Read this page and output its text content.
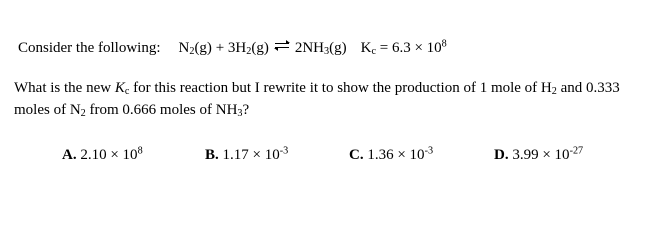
Consider the following: $N_2(g) + 3H_2(g)$ ⇌ $2NH_3(g) K_c = 6.3 \times 10^8$
What is the new $K_c$ for this reaction but I rewrite it to show the production of 1 mole of $H_2$ and 0.333
moles of $N_2$ from 0.666 moles of $NH_3$?
A. $2.10 \times 10^8$	B. $1.17 \times 10^{-3}$	C. $1.36 \times 10^{-3}$	D. $3.99 \times 10^{-27}$
